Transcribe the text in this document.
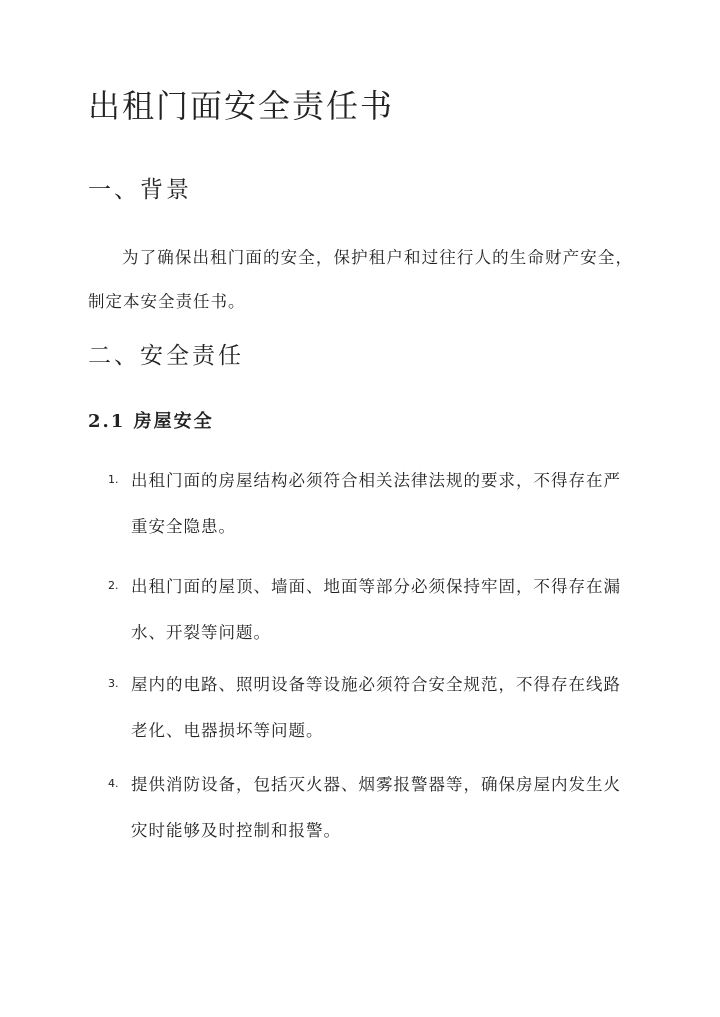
出租门面安全责任书
一、背景

为了确保出租门面的安全，保护租户和过往行人的生命财产安全，制定本安全责任书。

二、安全责任
2.1 房屋安全
1. 出租门面的房屋结构必须符合相关法律法规的要求，不得存在严重安全隐患。

2. 出租门面的屋顶、墙面、地面等部分必须保持牢固，不得存在漏水、开裂等问题。

3. 屋内的电路、照明设备等设施必须符合安全规范，不得存在线路老化、电器损坏等问题。

4. 提供消防设备，包括灭火器、烟雾报警器等，确保房屋内发生火灾时能够及时控制和报警。
